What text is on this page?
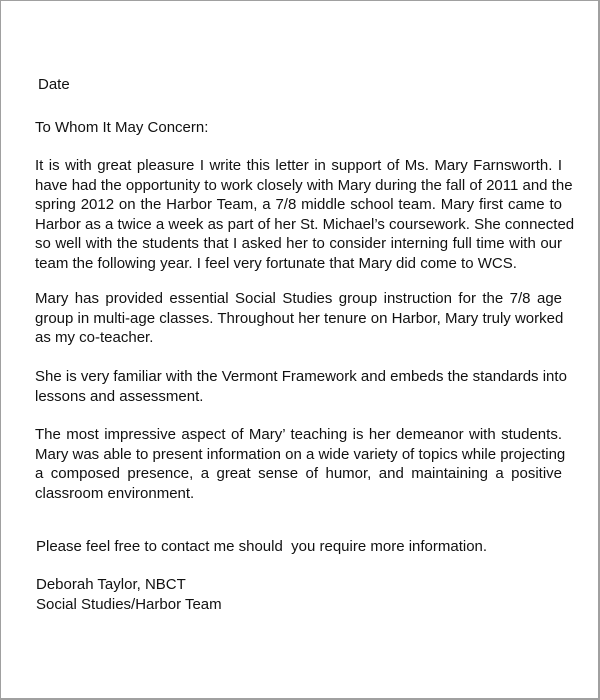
Date
To Whom It May Concern:
It is with great pleasure I write this letter in support of Ms. Mary Farnsworth. I
have had the opportunity to work closely with Mary during the fall of 2011 and the
spring 2012 on the Harbor Team, a 7/8 middle school team. Mary first came to
Harbor as a twice a week as part of her St. Michael’s coursework. She connected
so well with the students that I asked her to consider interning full time with our
team the following year. I feel very fortunate that Mary did come to WCS.
Mary has provided essential Social Studies group instruction for the 7/8 age
group in multi-age classes. Throughout her tenure on Harbor, Mary truly worked
as my co-teacher.
She is very familiar with the Vermont Framework and embeds the standards into
lessons and assessment.
The most impressive aspect of Mary’ teaching is her demeanor with students.
Mary was able to present information on a wide variety of topics while projecting
a composed presence, a great sense of humor, and maintaining a positive
classroom environment.
Please feel free to contact me should  you require more information.
Deborah Taylor, NBCT
Social Studies/Harbor Team
